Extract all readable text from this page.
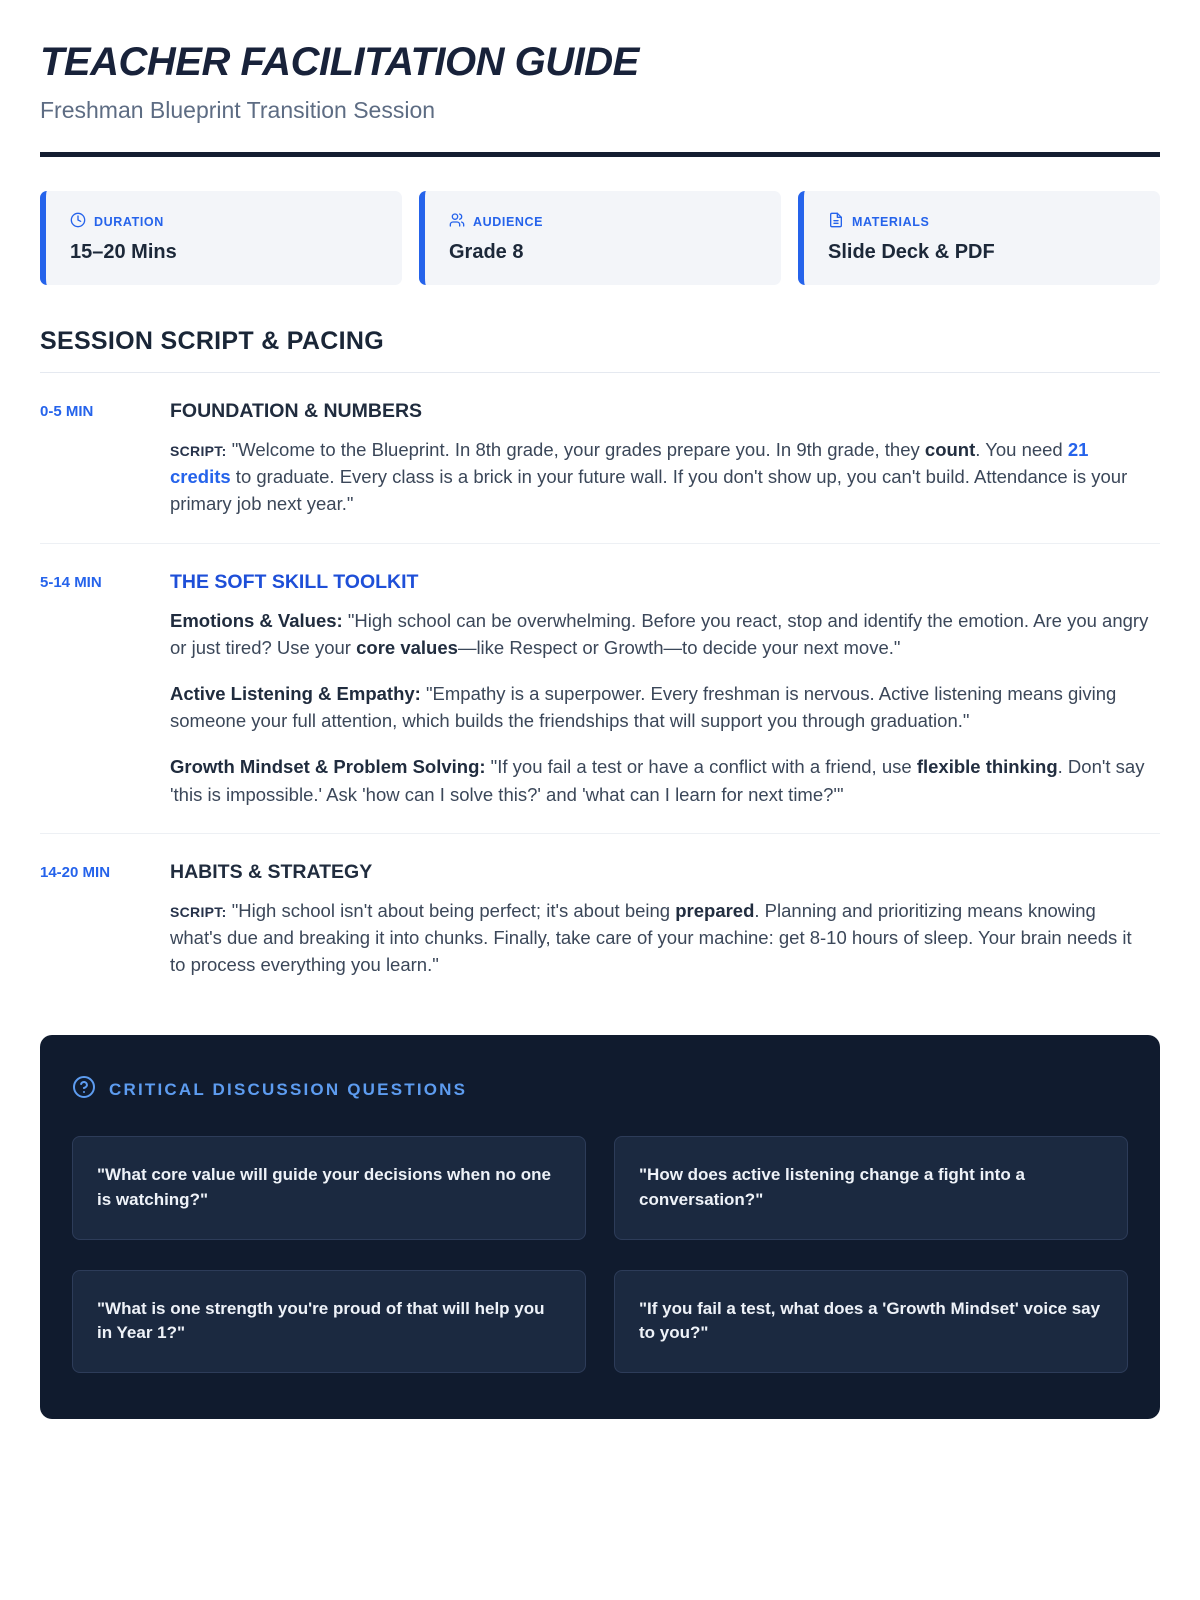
TEACHER FACILITATION GUIDE
Freshman Blueprint Transition Session
DURATION
15–20 Mins
AUDIENCE
Grade 8
MATERIALS
Slide Deck & PDF
SESSION SCRIPT & PACING
0-5 MIN	FOUNDATION & NUMBERS

SCRIPT: "Welcome to the Blueprint. In 8th grade, your grades prepare you. In 9th grade, they count. You need 21 credits to graduate. Every class is a brick in your future wall. If you don't show up, you can't build. Attendance is your primary job next year."

5-14 MIN	THE SOFT SKILL TOOLKIT

Emotions & Values: "High school can be overwhelming. Before you react, stop and identify the emotion. Are you angry or just tired? Use your core values—like Respect or Growth—to decide your next move."

Active Listening & Empathy: "Empathy is a superpower. Every freshman is nervous. Active listening means giving someone your full attention, which builds the friendships that will support you through graduation."

Growth Mindset & Problem Solving: "If you fail a test or have a conflict with a friend, use flexible thinking. Don't say 'this is impossible.' Ask 'how can I solve this?' and 'what can I learn for next time?'"

14-20 MIN	HABITS & STRATEGY

SCRIPT: "High school isn't about being perfect; it's about being prepared. Planning and prioritizing means knowing what's due and breaking it into chunks. Finally, take care of your machine: get 8-10 hours of sleep. Your brain needs it to process everything you learn."

CRITICAL DISCUSSION QUESTIONS
"What core value will guide your decisions when no one is watching?"
"How does active listening change a fight into a conversation?"
"What is one strength you're proud of that will help you in Year 1?"
"If you fail a test, what does a 'Growth Mindset' voice say to you?"
